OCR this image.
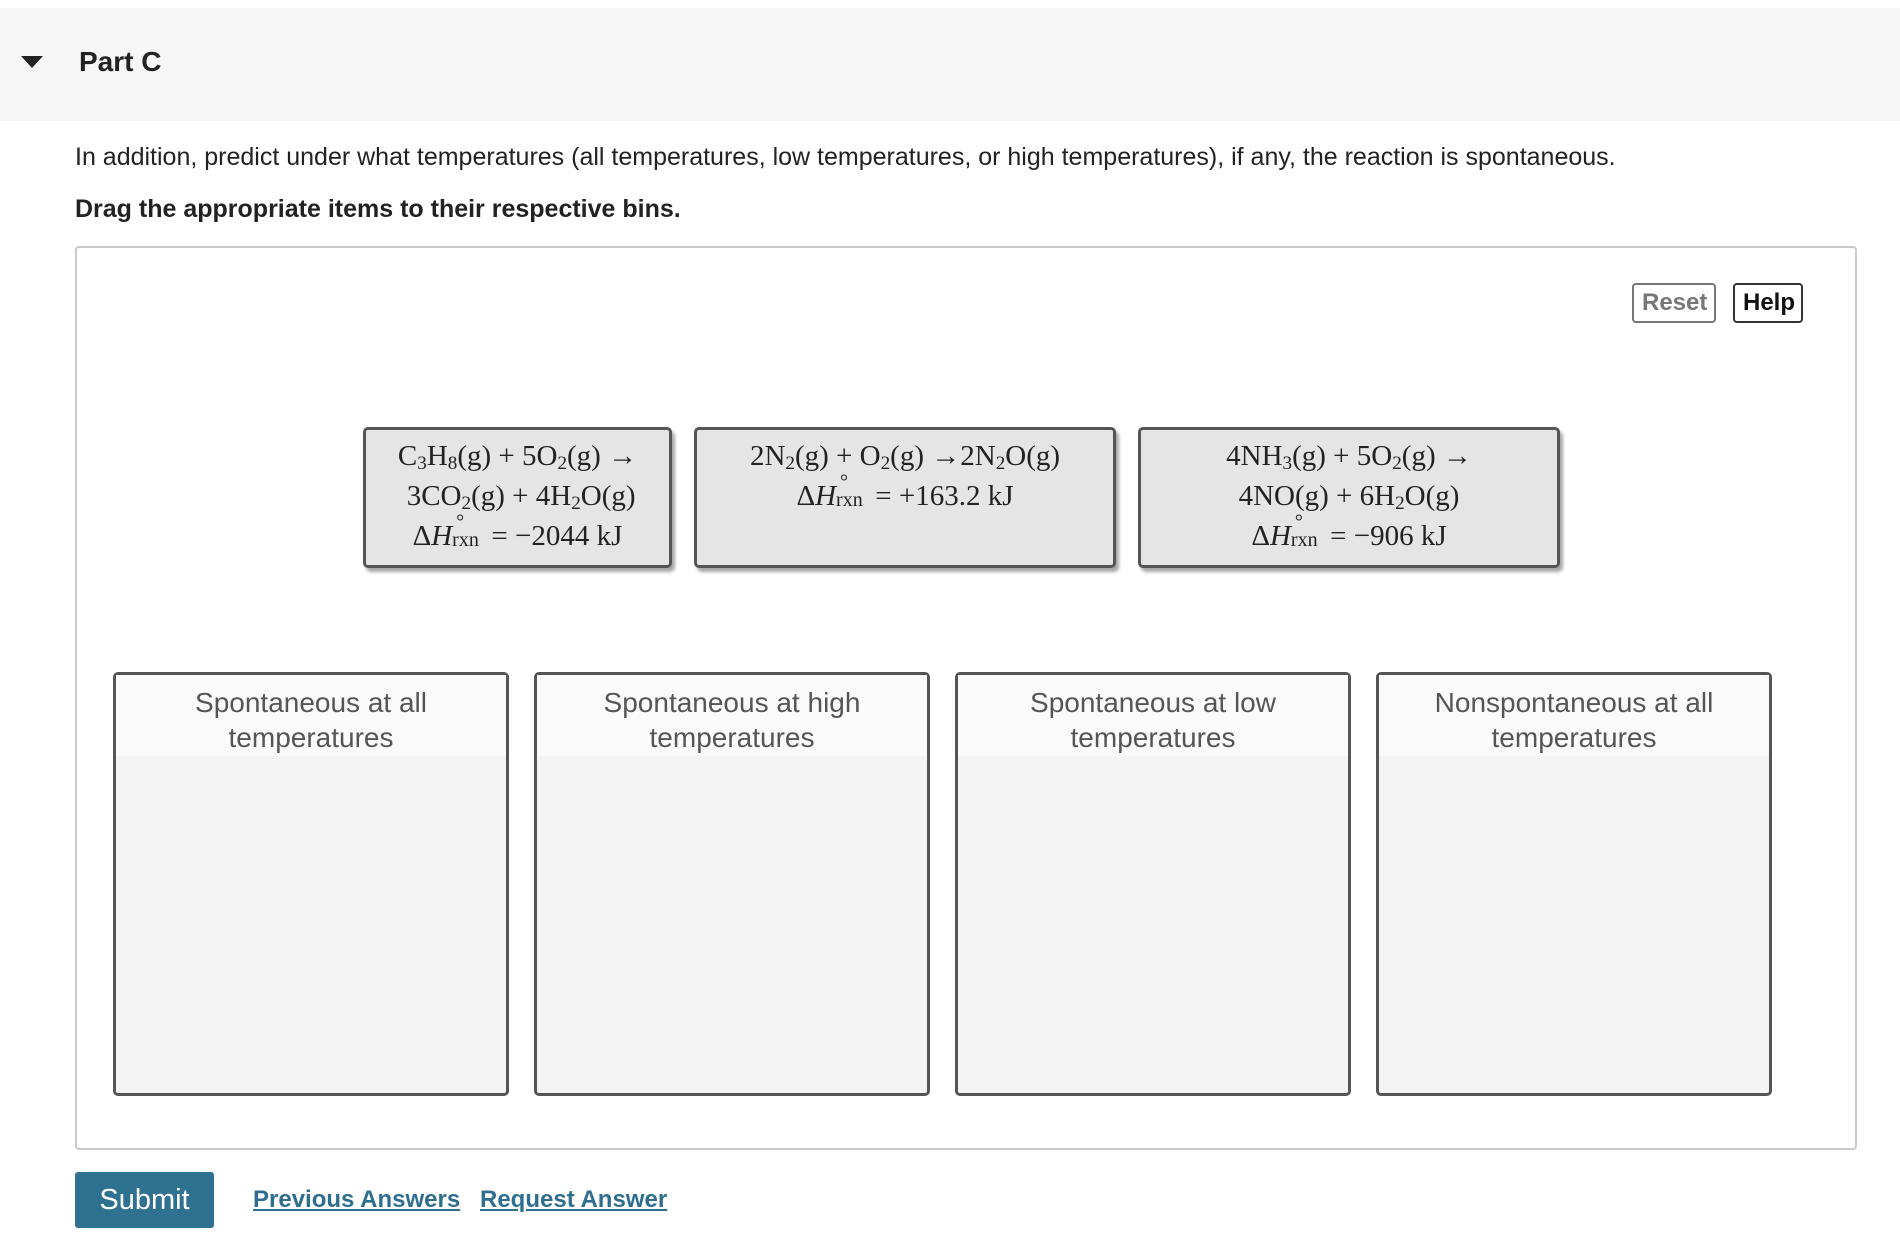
Part C
In addition, predict under what temperatures (all temperatures, low temperatures, or high temperatures), if any, the reaction is spontaneous.
Drag the appropriate items to their respective bins.
Reset	Help
$C_3H_8(g) + 5O_2(g)$ →
$3CO_2(g) + 4H_2O(g)$
ΔH °
rxn = −2044 kJ
$2N_2(g) + O_2(g) \to 2N_2O(g)$
ΔH °
rxn = +163.2 kJ
$4NH_3(g) + 5O_2(g)$ →
$4NO(g) + 6H_2O(g)$
ΔH °
rxn = −906 kJ
Spontaneous at all
temperatures
Spontaneous at high
temperatures
Spontaneous at low
temperatures
Nonspontaneous at all
temperatures
Submit	Previous Answers Request Answer
